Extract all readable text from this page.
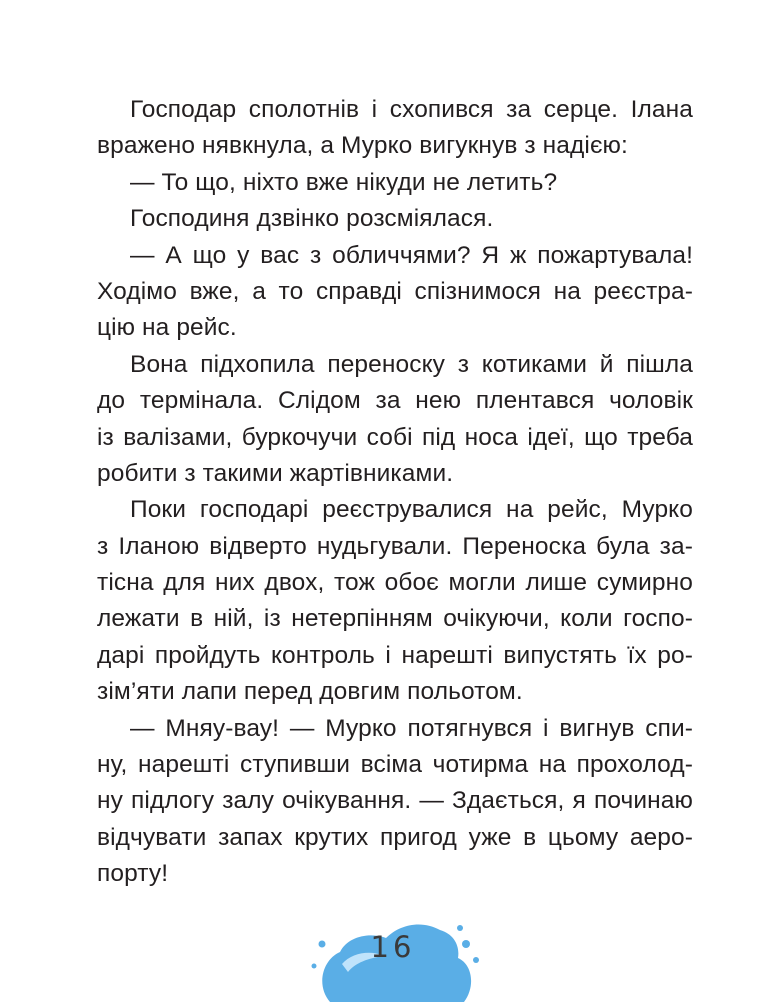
Господар сполотнів і схопився за серце. Ілана
вражено нявкнула, а Мурко вигукнув з надією:
— То що, ніхто вже нікуди не летить?
Господиня дзвінко розсміялася.
— А що у вас з обличчями? Я ж пожартувала!
Ходімо вже, а то справді спізнимося на реєстра-
цію на рейс.
Вона підхопила переноску з котиками й пішла
до термінала. Слідом за нею плентався чоловік
із валізами, буркочучи собі під носа ідеї, що треба
робити з такими жартівниками.
Поки господарі реєструвалися на рейс, Мурко
з Іланою відверто нудьгували. Переноска була за-
тісна для них двох, тож обоє могли лише сумирно
лежати в ній, із нетерпінням очікуючи, коли госпо-
дарі пройдуть контроль і нарешті випустять їх ро-
зім’яти лапи перед довгим польотом.
— Мняу-вау! — Мурко потягнувся і вигнув спи-
ну, нарешті ступивши всіма чотирма на прохолод-
ну підлогу залу очікування. — Здається, я починаю
відчувати запах крутих пригод уже в цьому аеро-
порту!
16
